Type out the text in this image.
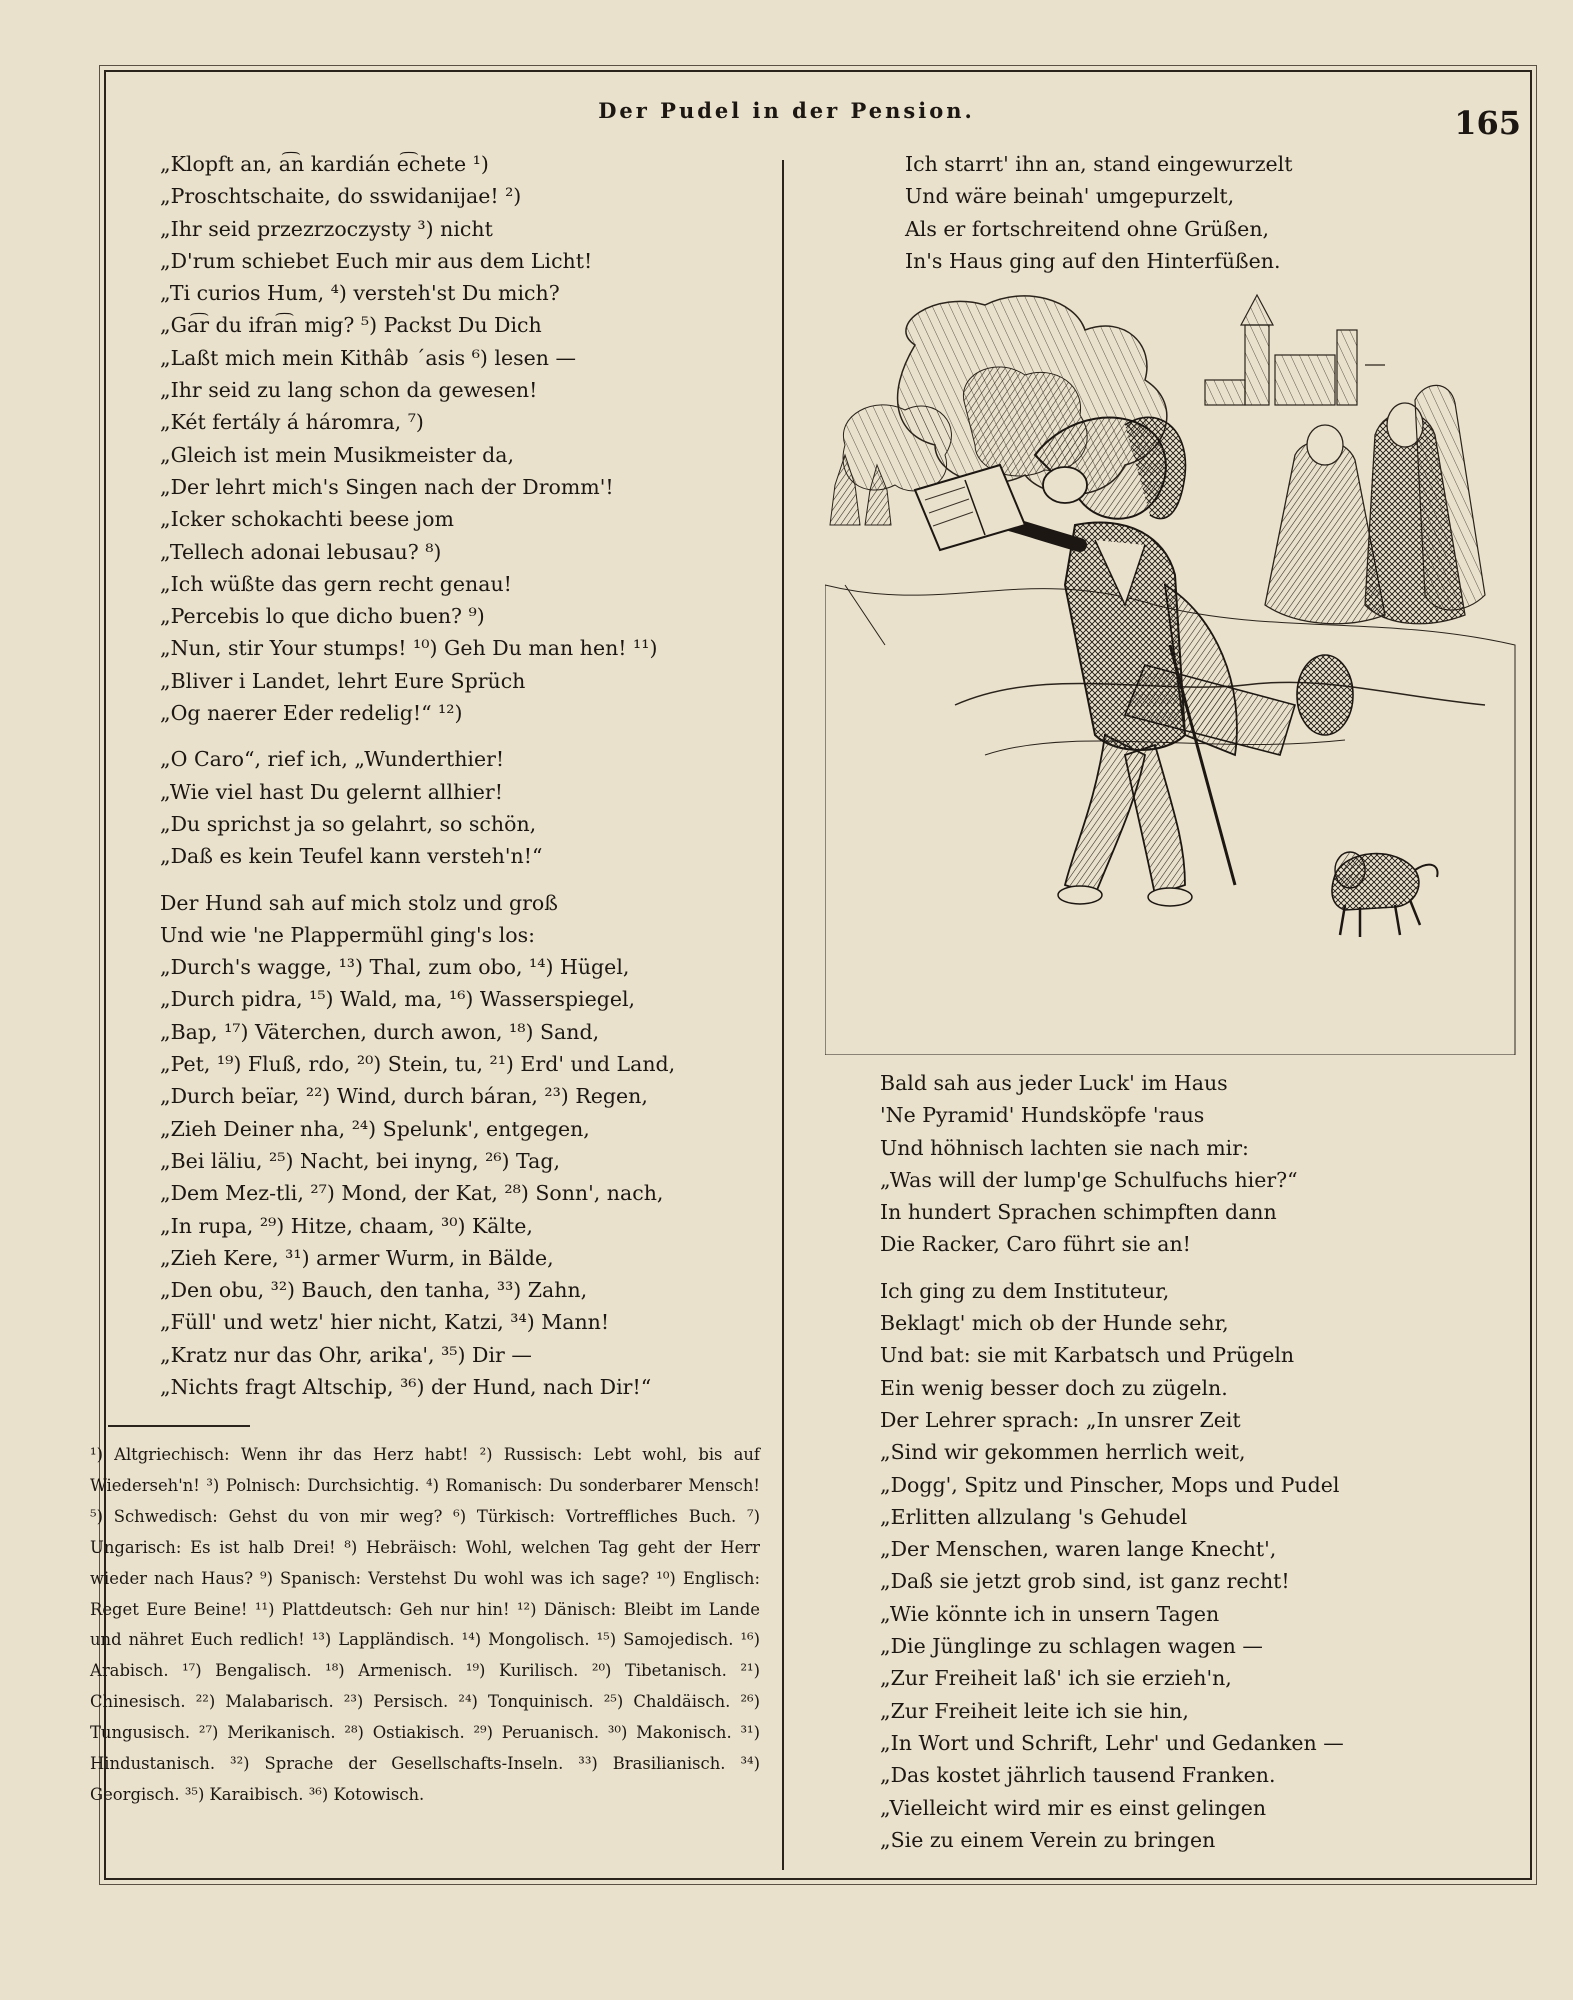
Der Pudel in der Pension.	165
„Klopft an, a͡n kardián e͡chete ¹)
„Proschtschaite, do sswidanijae! ²)
„Ihr seid przezrzoczysty ³) nicht
„D'rum schiebet Euch mir aus dem Licht!
„Ti curios Hum, ⁴) versteh'st Du mich?
„Ga͡r du ifra͡n mig? ⁵) Packst Du Dich
„Laßt mich mein Kithâb ´asis ⁶) lesen —
„Ihr seid zu lang schon da gewesen!
„Két fertály á háromra, ⁷)
„Gleich ist mein Musikmeister da,
„Der lehrt mich's Singen nach der Dromm'!
„Icker schokachti beese jom
„Tellech adonai lebusau? ⁸)
„Ich wüßte das gern recht genau!
„Percebis lo que dicho buen? ⁹)
„Nun, stir Your stumps! ¹⁰) Geh Du man hen! ¹¹)
„Bliver i Landet, lehrt Eure Sprüch
„Og naerer Eder redelig!“ ¹²)
„O Caro“, rief ich, „Wunderthier!
„Wie viel hast Du gelernt allhier!
„Du sprichst ja so gelahrt, so schön,
„Daß es kein Teufel kann versteh'n!“
Der Hund sah auf mich stolz und groß
Und wie 'ne Plappermühl ging's los:
„Durch's wagge, ¹³) Thal, zum obo, ¹⁴) Hügel,
„Durch pidra, ¹⁵) Wald, ma, ¹⁶) Wasserspiegel,
„Bap, ¹⁷) Väterchen, durch awon, ¹⁸) Sand,
„Pet, ¹⁹) Fluß, rdo, ²⁰) Stein, tu, ²¹) Erd' und Land,
„Durch beïar, ²²) Wind, durch báran, ²³) Regen,
„Zieh Deiner nha, ²⁴) Spelunk', entgegen,
„Bei läliu, ²⁵) Nacht, bei inyng, ²⁶) Tag,
„Dem Mez-tli, ²⁷) Mond, der Kat, ²⁸) Sonn', nach,
„In rupa, ²⁹) Hitze, chaam, ³⁰) Kälte,
„Zieh Kere, ³¹) armer Wurm, in Bälde,
„Den obu, ³²) Bauch, den tanha, ³³) Zahn,
„Füll' und wetz' hier nicht, Katzi, ³⁴) Mann!
„Kratz nur das Ohr, arika', ³⁵) Dir —
„Nichts fragt Altschip, ³⁶) der Hund, nach Dir!“
¹) Altgriechisch: Wenn ihr das Herz habt! ²) Russisch: Lebt wohl, bis auf Wiederseh'n! ³) Polnisch: Durchsichtig. ⁴) Romanisch: Du sonderbarer Mensch! ⁵) Schwedisch: Gehst du von mir weg? ⁶) Türkisch: Vortreffliches Buch. ⁷) Ungarisch: Es ist halb Drei! ⁸) Hebräisch: Wohl, welchen Tag geht der Herr wieder nach Haus? ⁹) Spanisch: Verstehst Du wohl was ich sage? ¹⁰) Englisch: Reget Eure Beine! ¹¹) Plattdeutsch: Geh nur hin! ¹²) Dänisch: Bleibt im Lande und nähret Euch redlich! ¹³) Lappländisch. ¹⁴) Mongolisch. ¹⁵) Samojedisch. ¹⁶) Arabisch. ¹⁷) Bengalisch. ¹⁸) Armenisch. ¹⁹) Kurilisch. ²⁰) Tibetanisch. ²¹) Chinesisch. ²²) Malabarisch. ²³) Persisch. ²⁴) Tonquinisch. ²⁵) Chaldäisch. ²⁶) Tungusisch. ²⁷) Merikanisch. ²⁸) Ostiakisch. ²⁹) Peruanisch. ³⁰) Makonisch. ³¹) Hindustanisch. ³²) Sprache der Gesellschafts-Inseln. ³³) Brasilianisch. ³⁴) Georgisch. ³⁵) Karaibisch. ³⁶) Kotowisch.
Ich starrt' ihn an, stand eingewurzelt
Und wäre beinah' umgepurzelt,
Als er fortschreitend ohne Grüßen,
In's Haus ging auf den Hinterfüßen.
Bald sah aus jeder Luck' im Haus
'Ne Pyramid' Hundsköpfe 'raus
Und höhnisch lachten sie nach mir:
„Was will der lump'ge Schulfuchs hier?“
In hundert Sprachen schimpften dann
Die Racker, Caro führt sie an!
Ich ging zu dem Instituteur,
Beklagt' mich ob der Hunde sehr,
Und bat: sie mit Karbatsch und Prügeln
Ein wenig besser doch zu zügeln.
Der Lehrer sprach: „In unsrer Zeit
„Sind wir gekommen herrlich weit,
„Dogg', Spitz und Pinscher, Mops und Pudel
„Erlitten allzulang 's Gehudel
„Der Menschen, waren lange Knecht',
„Daß sie jetzt grob sind, ist ganz recht!
„Wie könnte ich in unsern Tagen
„Die Jünglinge zu schlagen wagen —
„Zur Freiheit laß' ich sie erzieh'n,
„Zur Freiheit leite ich sie hin,
„In Wort und Schrift, Lehr' und Gedanken —
„Das kostet jährlich tausend Franken.
„Vielleicht wird mir es einst gelingen
„Sie zu einem Verein zu bringen
